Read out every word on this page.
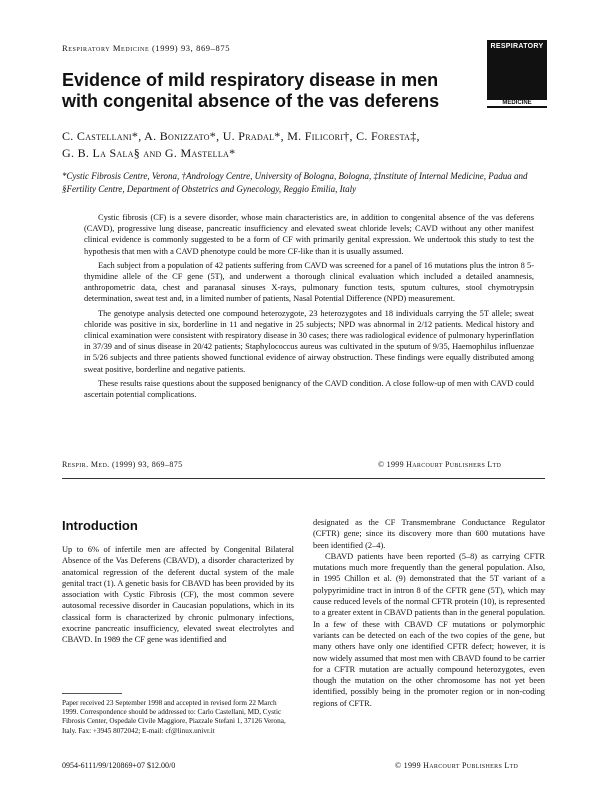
Respiratory Medicine (1999) 93, 869–875	RESPIRATORY
MEDICINE
Evidence of mild respiratory disease in men with congenital absence of the vas deferens
C. Castellani*, A. Bonizzato*, U. Pradal*, M. Filicori†, C. Foresta‡,
G. B. La Sala§ and G. Mastella*
*Cystic Fibrosis Centre, Verona, †Andrology Centre, University of Bologna, Bologna, ‡Institute of Internal Medicine, Padua and §Fertility Centre, Department of Obstetrics and Gynecology, Reggio Emilia, Italy

Cystic fibrosis (CF) is a severe disorder, whose main characteristics are, in addition to congenital absence of the vas deferens (CAVD), progressive lung disease, pancreatic insufficiency and elevated sweat chloride levels; CAVD without any other manifest clinical evidence is commonly suggested to be a form of CF with primarily genital expression. We undertook this study to test the hypothesis that men with a CAVD phenotype could be more CF-like than it is usually assumed.

Each subject from a population of 42 patients suffering from CAVD was screened for a panel of 16 mutations plus the intron 8 5-thymidine allele of the CF gene (5T), and underwent a thorough clinical evaluation which included a detailed anamnesis, anthropometric data, chest and paranasal sinuses X-rays, pulmonary function tests, sputum cultures, stool chymotrypsin determination, sweat test and, in a limited number of patients, Nasal Potential Difference (NPD) measurement.

The genotype analysis detected one compound heterozygote, 23 heterozygotes and 18 individuals carrying the 5T allele; sweat chloride was positive in six, borderline in 11 and negative in 25 subjects; NPD was abnormal in 2/12 patients. Medical history and clinical examination were consistent with respiratory disease in 30 cases; there was radiological evidence of pulmonary hyperinflation in 37/39 and of sinus disease in 20/42 patients; Staphylococcus aureus was cultivated in the sputum of 9/35, Haemophilus influenzae in 5/26 subjects and three patients showed functional evidence of airway obstruction. These findings were equally distributed among sweat positive, borderline and negative patients.

These results raise questions about the supposed benignancy of the CAVD condition. A close follow-up of men with CAVD could ascertain potential complications.

Respir. Med. (1999) 93, 869–875	© 1999 Harcourt Publishers Ltd
Introduction

Up to 6% of infertile men are affected by Congenital Bilateral Absence of the Vas Deferens (CBAVD), a disorder characterized by anatomical regression of the deferent ductal system of the male genital tract (1). A genetic basis for CBAVD has been provided by its association with Cystic Fibrosis (CF), the most common severe autosomal recessive disorder in Caucasian populations, which in its classical form is characterized by chronic pulmonary infections, exocrine pancreatic insufficiency, elevated sweat electrolytes and CBAVD. In 1989 the CF gene was identified and

Paper received 23 September 1998 and accepted in revised form 22 March 1999. Correspondence should be addressed to: Carlo Castellani, MD, Cystic Fibrosis Center, Ospedale Civile Maggiore, Piazzale Stefani 1, 37126 Verona, Italy. Fax: +3945 8072042; E-mail: cf@linux.univr.it

designated as the CF Transmembrane Conductance Regulator (CFTR) gene; since its discovery more than 600 mutations have been identified (2–4).

CBAVD patients have been reported (5–8) as carrying CFTR mutations much more frequently than the general population. Also, in 1995 Chillon et al. (9) demonstrated that the 5T variant of a polypyrimidine tract in intron 8 of the CFTR gene (5T), which may cause reduced levels of the normal CFTR protein (10), is represented to a greater extent in CBAVD patients than in the general population. In a few of these with CBAVD CF mutations or polymorphic variants can be detected on each of the two copies of the gene, but many others have only one identified CFTR defect; however, it is now widely assumed that most men with CBAVD found to be carrier for a CFTR mutation are actually compound heterozygotes, even though the mutation on the other chromosome has not yet been identified, possibly being in the promoter region or in non-coding regions of CFTR.

0954-6111/99/120869+07 $12.00/0	© 1999 Harcourt Publishers Ltd
